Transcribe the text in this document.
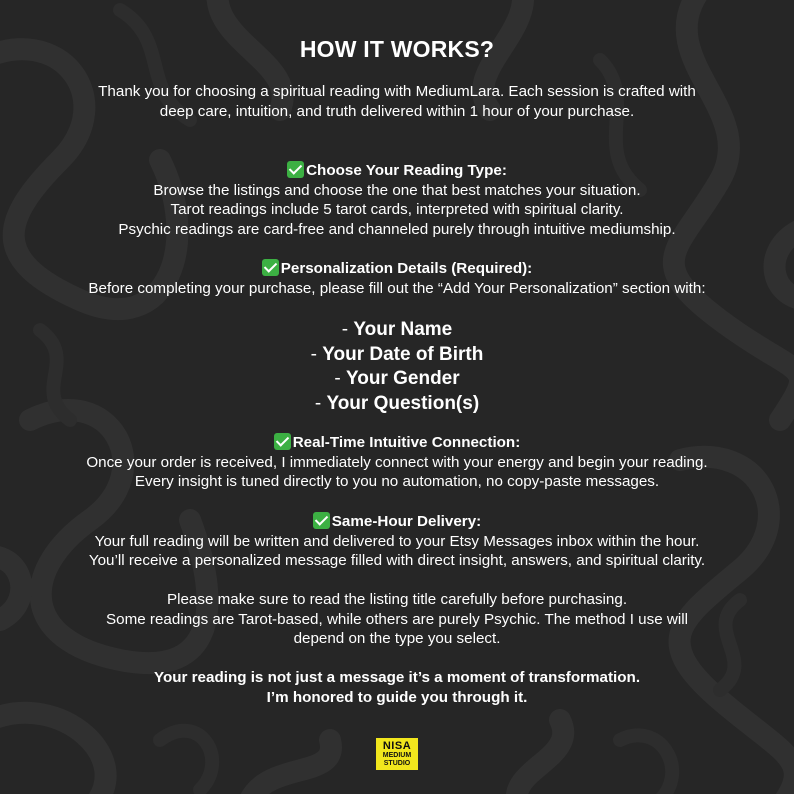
HOW IT WORKS?

Thank you for choosing a spiritual reading with MediumLara. Each session is crafted with

deep care, intuition, and truth delivered within 1 hour of your purchase.

Choose Your Reading Type:

Browse the listings and choose the one that best matches your situation.

Tarot readings include 5 tarot cards, interpreted with spiritual clarity.

Psychic readings are card-free and channeled purely through intuitive mediumship.

Personalization Details (Required):

Before completing your purchase, please fill out the “Add Your Personalization” section with:

- Your Name

- Your Date of Birth

- Your Gender

- Your Question(s)

Real-Time Intuitive Connection:

Once your order is received, I immediately connect with your energy and begin your reading.

Every insight is tuned directly to you no automation, no copy-paste messages.

Same-Hour Delivery:

Your full reading will be written and delivered to your Etsy Messages inbox within the hour.

You’ll receive a personalized message filled with direct insight, answers, and spiritual clarity.

Please make sure to read the listing title carefully before purchasing.

Some readings are Tarot-based, while others are purely Psychic. The method I use will

depend on the type you select.

Your reading is not just a message it’s a moment of transformation.

I’m honored to guide you through it.

NISA
MEDIUM
STUDIO
